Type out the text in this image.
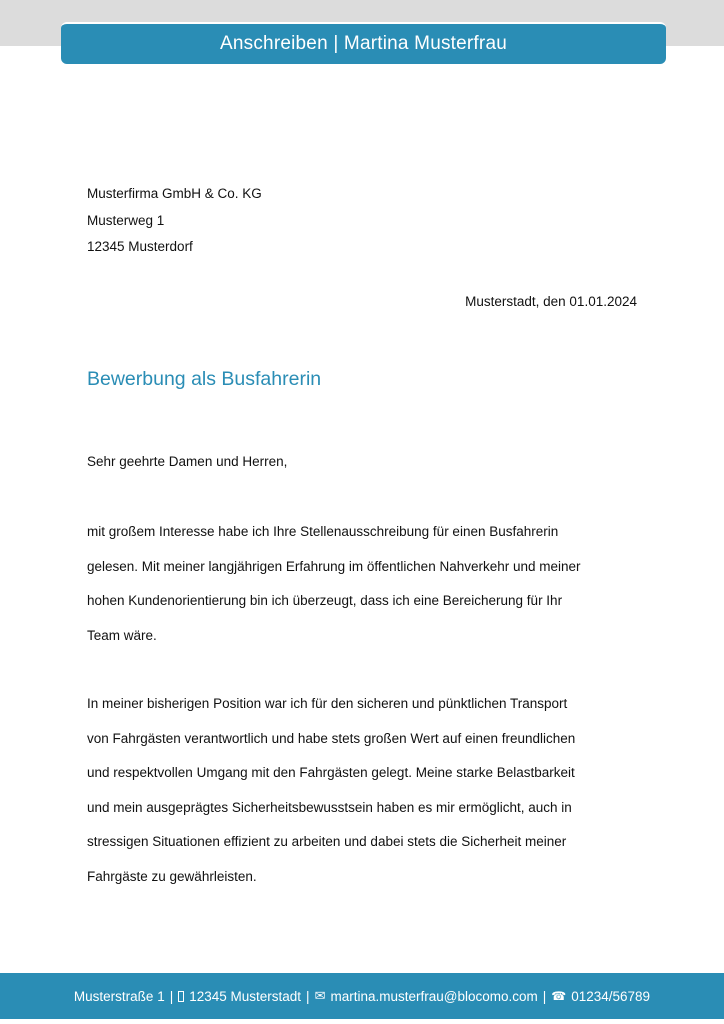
Anschreiben | Martina Musterfrau
Musterfirma GmbH & Co. KG
Musterweg 1
12345 Musterdorf
Musterstadt, den 01.01.2024
Bewerbung als Busfahrerin
Sehr geehrte Damen und Herren,
mit großem Interesse habe ich Ihre Stellenausschreibung für einen Busfahrerin
gelesen. Mit meiner langjährigen Erfahrung im öffentlichen Nahverkehr und meiner
hohen Kundenorientierung bin ich überzeugt, dass ich eine Bereicherung für Ihr
Team wäre.
In meiner bisherigen Position war ich für den sicheren und pünktlichen Transport
von Fahrgästen verantwortlich und habe stets großen Wert auf einen freundlichen
und respektvollen Umgang mit den Fahrgästen gelegt. Meine starke Belastbarkeit
und mein ausgeprägtes Sicherheitsbewusstsein haben es mir ermöglicht, auch in
stressigen Situationen effizient zu arbeiten und dabei stets die Sicherheit meiner
Fahrgäste zu gewährleisten.
Musterstraße 1 | 12345 Musterstadt | ✉ martina.musterfrau@blocomo.com | ☎ 01234/56789
